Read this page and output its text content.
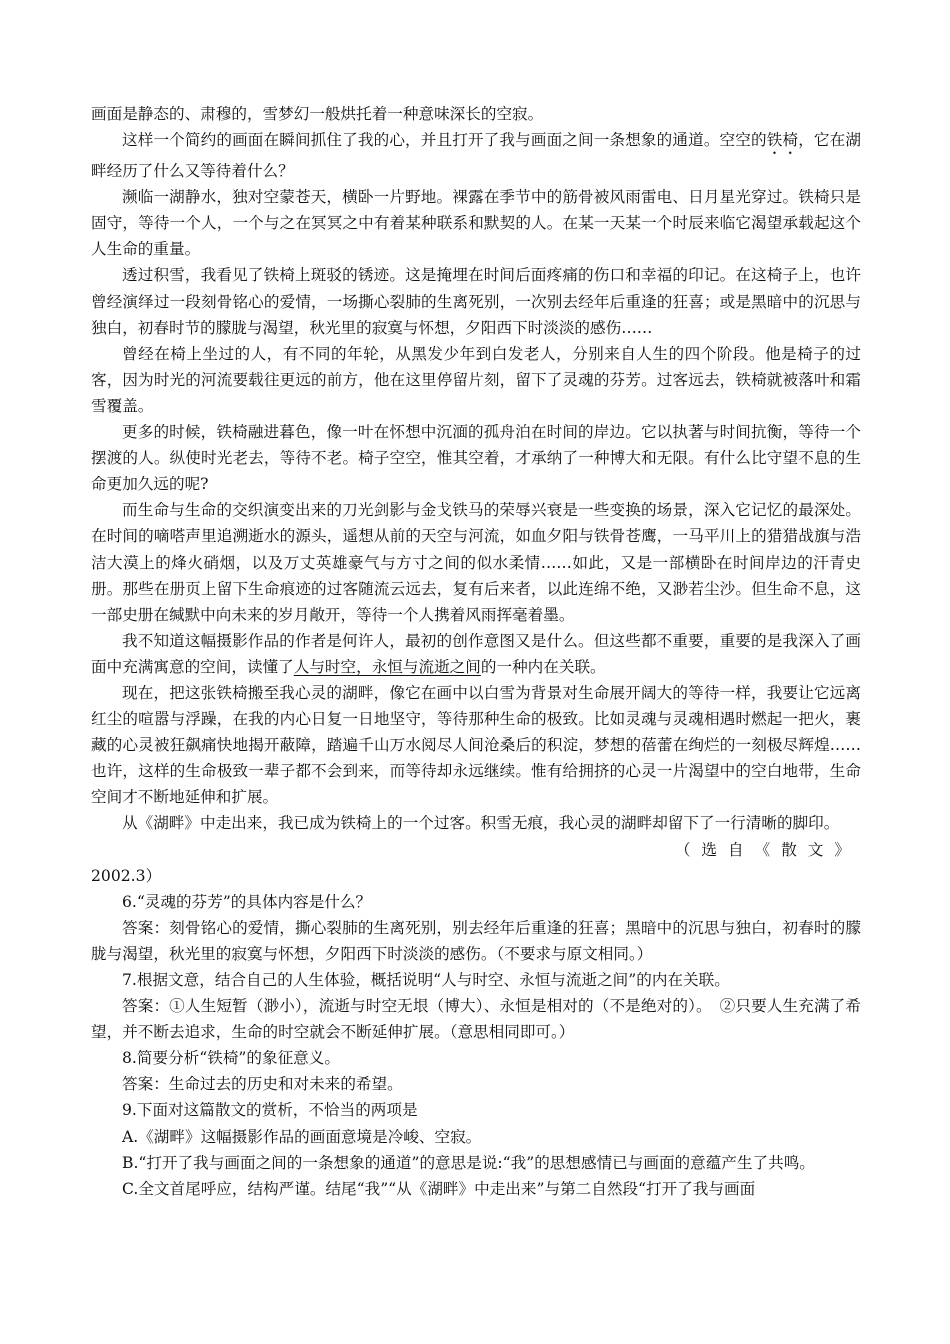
画面是静态的、肃穆的，雪梦幻一般烘托着一种意味深长的空寂。

这样一个简约的画面在瞬间抓住了我的心，并且打开了我与画面之间一条想象的通道。空空的铁椅，它在湖畔经历了什么又等待着什么？

濒临一湖静水，独对空蒙苍天，横卧一片野地。裸露在季节中的筋骨被风雨雷电、日月星光穿过。铁椅只是固守，等待一个人，一个与之在冥冥之中有着某种联系和默契的人。在某一天某一个时辰来临它渴望承载起这个人生命的重量。

透过积雪，我看见了铁椅上斑驳的锈迹。这是掩埋在时间后面疼痛的伤口和幸福的印记。在这椅子上，也许曾经演绎过一段刻骨铭心的爱情，一场撕心裂肺的生离死别，一次别去经年后重逢的狂喜；或是黑暗中的沉思与独白，初春时节的朦胧与渴望，秋光里的寂寞与怀想，夕阳西下时淡淡的感伤……

曾经在椅上坐过的人，有不同的年轮，从黑发少年到白发老人，分别来自人生的四个阶段。他是椅子的过客，因为时光的河流要载往更远的前方，他在这里停留片刻，留下了灵魂的芬芳。过客远去，铁椅就被落叶和霜雪覆盖。

更多的时候，铁椅融进暮色，像一叶在怀想中沉湎的孤舟泊在时间的岸边。它以执著与时间抗衡，等待一个摆渡的人。纵使时光老去，等待不老。椅子空空，惟其空着，才承纳了一种博大和无限。有什么比守望不息的生命更加久远的呢?

而生命与生命的交织演变出来的刀光剑影与金戈铁马的荣辱兴衰是一些变换的场景，深入它记忆的最深处。在时间的嘀嗒声里追溯逝水的源头，遥想从前的天空与河流，如血夕阳与铁骨苍鹰，一马平川上的猎猎战旗与浩洁大漠上的烽火硝烟，以及万丈英雄豪气与方寸之间的似水柔情……如此，又是一部横卧在时间岸边的汗青史册。那些在册页上留下生命痕迹的过客随流云远去，复有后来者，以此连绵不绝，又渺若尘沙。但生命不息，这一部史册在缄默中向未来的岁月敞开，等待一个人携着风雨挥毫着墨。

我不知道这幅摄影作品的作者是何许人，最初的创作意图又是什么。但这些都不重要，重要的是我深入了画面中充满寓意的空间，读懂了人与时空，永恒与流逝之间的一种内在关联。

现在，把这张铁椅搬至我心灵的湖畔，像它在画中以白雪为背景对生命展开阔大的等待一样，我要让它远离红尘的喧嚣与浮躁，在我的内心日复一日地坚守，等待那种生命的极致。比如灵魂与灵魂相遇时燃起一把火，裹藏的心灵被狂飙痛快地揭开蔽障，踏遍千山万水阅尽人间沧桑后的积淀，梦想的蓓蕾在绚烂的一刻极尽辉煌……也许，这样的生命极致一辈子都不会到来，而等待却永远继续。惟有给拥挤的心灵一片渴望中的空白地带，生命空间才不断地延伸和扩展。

从《湖畔》中走出来，我已成为铁椅上的一个过客。积雪无痕，我心灵的湖畔却留下了一行清晰的脚印。

（选自《散文》

2002.3）

6.“灵魂的芬芳”的具体内容是什么？

答案：刻骨铭心的爱情，撕心裂肺的生离死别，别去经年后重逢的狂喜；黑暗中的沉思与独白，初春时的朦胧与渴望，秋光里的寂寞与怀想，夕阳西下时淡淡的感伤。（不要求与原文相同。）

7.根据文意，结合自己的人生体验，概括说明“人与时空、永恒与流逝之间”的内在关联。

答案：①人生短暂（渺小），流逝与时空无垠（博大）、永恒是相对的（不是绝对的）。　②只要人生充满了希望，并不断去追求，生命的时空就会不断延伸扩展。（意思相同即可。）

8.简要分析“铁椅”的象征意义。

答案：生命过去的历史和对未来的希望。

9.下面对这篇散文的赏析，不恰当的两项是

A.《湖畔》这幅摄影作品的画面意境是冷峻、空寂。

B.“打开了我与画面之间的一条想象的通道”的意思是说:“我”的思想感情已与画面的意蕴产生了共鸣。

C.全文首尾呼应，结构严谨。结尾“我”“从《湖畔》中走出来”与第二自然段“打开了我与画面
